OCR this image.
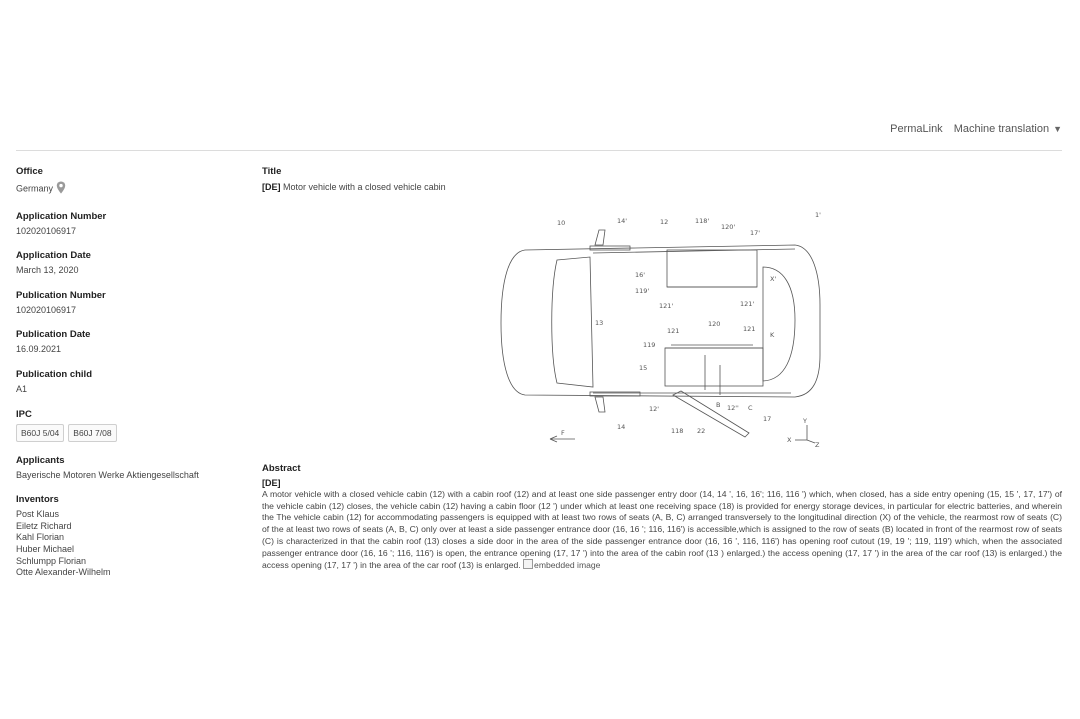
PermaLink Machine translation ▼
Office
Germany
Application Number
102020106917
Application Date
March 13, 2020
Publication Number
102020106917
Publication Date
16.09.2021
Publication child
A1
IPC
B60J 5/04	B60J 7/08
Applicants
Bayerische Motoren Werke Aktiengesellschaft
Inventors
Post Klaus
Eiletz Richard
Kahl Florian
Huber Michael
Schlumpp Florian
Otte Alexander-Wilhelm
Title
[DE] Motor vehicle with a closed vehicle cabin
10	14'	12	118'
120'
17'
1'
16'
119'
121'	121'
X'
13
121
120
121
119
K
15
12'
14	118 22
B 12'' C
17
F
X
Y
Z
Abstract
[DE]
A motor vehicle with a closed vehicle cabin (12) with a cabin roof (12) and at least one side passenger entry door (14, 14 ', 16, 16'; 116, 116 ') which, when closed, has a side entry opening (15, 15 ', 17, 17') of the vehicle cabin (12) closes, the vehicle cabin (12) having a cabin floor (12 ') under which at least one receiving space (18) is provided for energy storage devices, in particular for electric batteries, and wherein the The vehicle cabin (12) for accommodating passengers is equipped with at least two rows of seats (A, B, C) arranged transversely to the longitudinal direction (X) of the vehicle, the rearmost row of seats (C) of the at least two rows of seats (A, B, C) only over at least a side passenger entrance door (16, 16 '; 116, 116') is accessible,which is assigned to the row of seats (B) located in front of the rearmost row of seats (C) is characterized in that the cabin roof (13) closes a side door in the area of the side passenger entrance door (16, 16 ', 116, 116') has opening roof cutout (19, 19 '; 119, 119') which, when the associated passenger entrance door (16, 16 '; 116, 116') is open, the entrance opening (17, 17 ') into the area of the cabin roof (13 ) enlarged.) the access opening (17, 17 ') in the area of the car roof (13) is enlarged.) the access opening (17, 17 ') in the area of the car roof (13) is enlarged. embedded image
